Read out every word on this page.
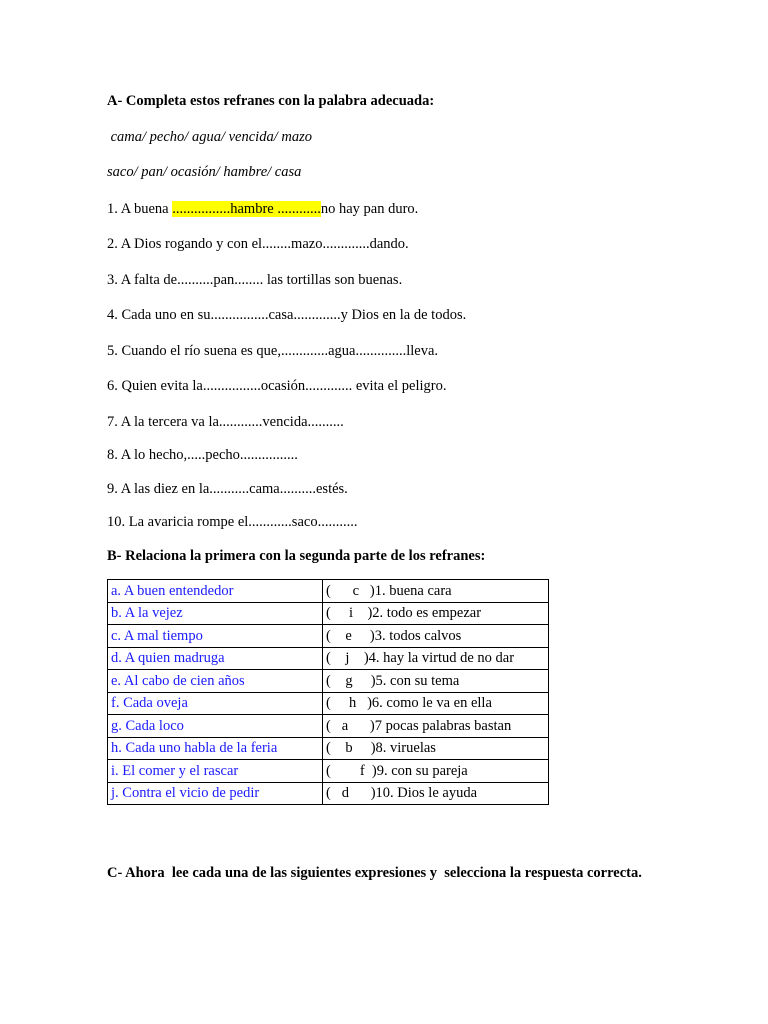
A- Completa estos refranes con la palabra adecuada:
cama/ pecho/ agua/ vencida/ mazo
saco/ pan/ ocasión/ hambre/ casa
1. A buena ................hambre ............no hay pan duro.
2. A Dios rogando y con el........mazo.............dando.
3. A falta de..........pan........ las tortillas son buenas.
4. Cada uno en su................casa.............y Dios en la de todos.
5. Cuando el río suena es que,.............agua..............lleva.
6. Quien evita la................ocasión............. evita el peligro.
7. A la tercera va la............vencida..........
8. A lo hecho,.....pecho................
9. A las diez en la...........cama..........estés.
10. La avaricia rompe el............saco...........
B- Relaciona la primera con la segunda parte de los refranes:
a. A buen entendedor	(      c   )1. buena cara
b. A la vejez	(     i    )2. todo es empezar
c. A mal tiempo	(    e     )3. todos calvos
d. A quien madruga	(    j    )4. hay la virtud de no dar
e. Al cabo de cien años	(    g     )5. con su tema
f. Cada oveja	(     h   )6. como le va en ella
g. Cada loco	(   a      )7 pocas palabras bastan
h. Cada uno habla de la feria	(    b     )8. viruelas
i. El comer y el rascar	(        f  )9. con su pareja
j. Contra el vicio de pedir	(   d      )10. Dios le ayuda
C- Ahora  lee cada una de las siguientes expresiones y  selecciona la respuesta correcta.
